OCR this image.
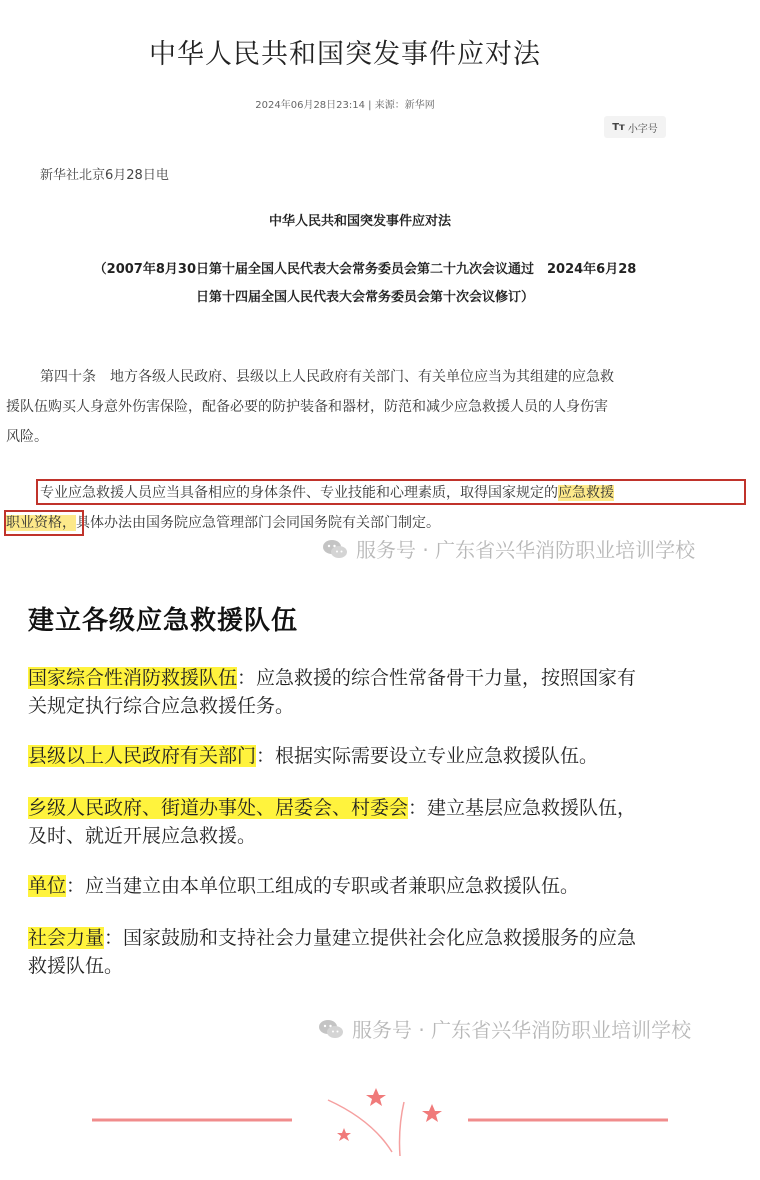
中华人民共和国突发事件应对法
2024年06月28日23:14 | 来源：新华网
Tт 小字号
新华社北京6月28日电
中华人民共和国突发事件应对法
（2007年8月30日第十届全国人民代表大会常务委员会第二十九次会议通过　2024年6月28
日第十四届全国人民代表大会常务委员会第十次会议修订）
第四十条　地方各级人民政府、县级以上人民政府有关部门、有关单位应当为其组建的应急救
援队伍购买人身意外伤害保险，配备必要的防护装备和器材，防范和减少应急救援人员的人身伤害
风险。
专业应急救援人员应当具备相应的身体条件、专业技能和心理素质，取得国家规定的应急救援
职业资格，具体办法由国务院应急管理部门会同国务院有关部门制定。
服务号 · 广东省兴华消防职业培训学校
建立各级应急救援队伍
国家综合性消防救援队伍：应急救援的综合性常备骨干力量，按照国家有
关规定执行综合应急救援任务。
县级以上人民政府有关部门：根据实际需要设立专业应急救援队伍。
乡级人民政府、街道办事处、居委会、村委会：建立基层应急救援队伍，
及时、就近开展应急救援。
单位：应当建立由本单位职工组成的专职或者兼职应急救援队伍。
社会力量：国家鼓励和支持社会力量建立提供社会化应急救援服务的应急
救援队伍。
服务号 · 广东省兴华消防职业培训学校
